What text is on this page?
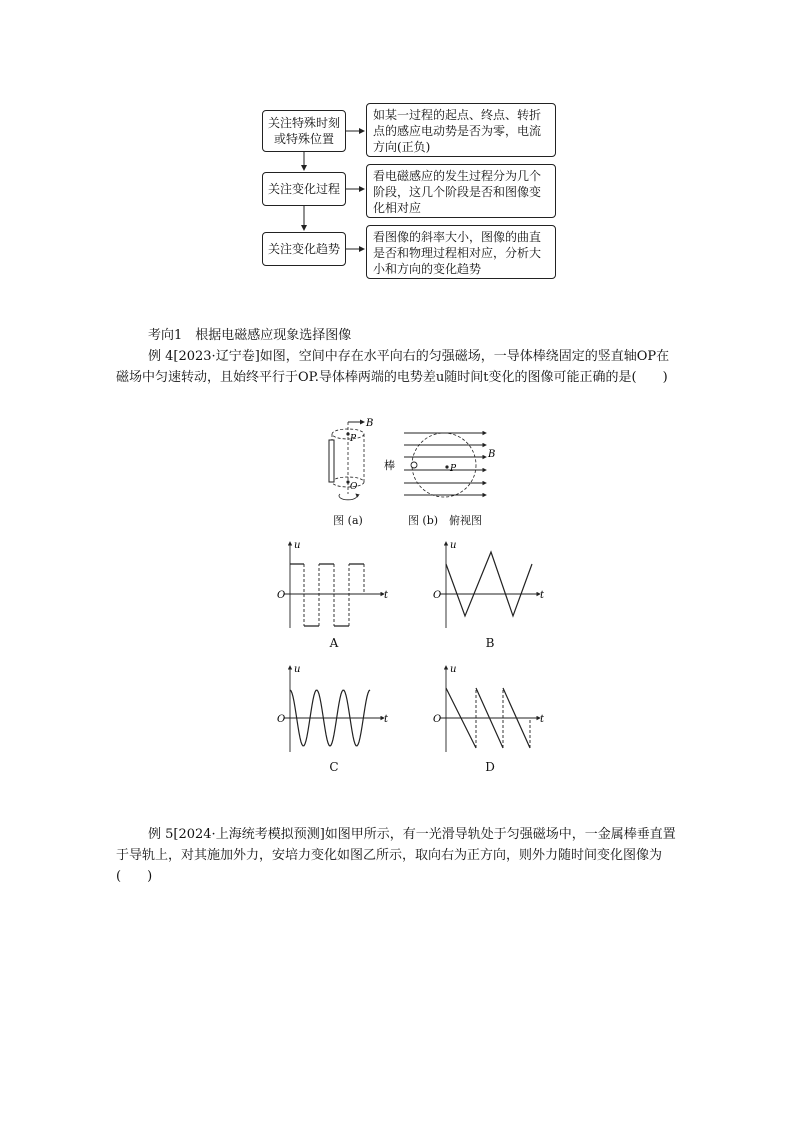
关注特殊时刻或特殊位置
如某一过程的起点、终点、转折点的感应电动势是否为零，电流方向(正负)
关注变化过程
看电磁感应的发生过程分为几个阶段，这几个阶段是否和图像变化相对应
关注变化趋势
看图像的斜率大小，图像的曲直是否和物理过程相对应，分析大小和方向的变化趋势
考向1　根据电磁感应现象选择图像
例 4[2023·辽宁卷]如图，空间中存在水平向右的匀强磁场，一导体棒绕固定的竖直轴OP在磁场中匀速转动，且始终平行于OP.导体棒两端的电势差u随时间t变化的图像可能正确的是(　　)
B
P
O
图 (a)
B
P
棒
图 (b)　俯视图
u
t
O
u
t
O
u
t
O
u
t
O
A	B
C	D
例 5[2024·上海统考模拟预测]如图甲所示，有一光滑导轨处于匀强磁场中，一金属棒垂直置于导轨上，对其施加外力，安培力变化如图乙所示，取向右为正方向，则外力随时间变化图像为(　　)
